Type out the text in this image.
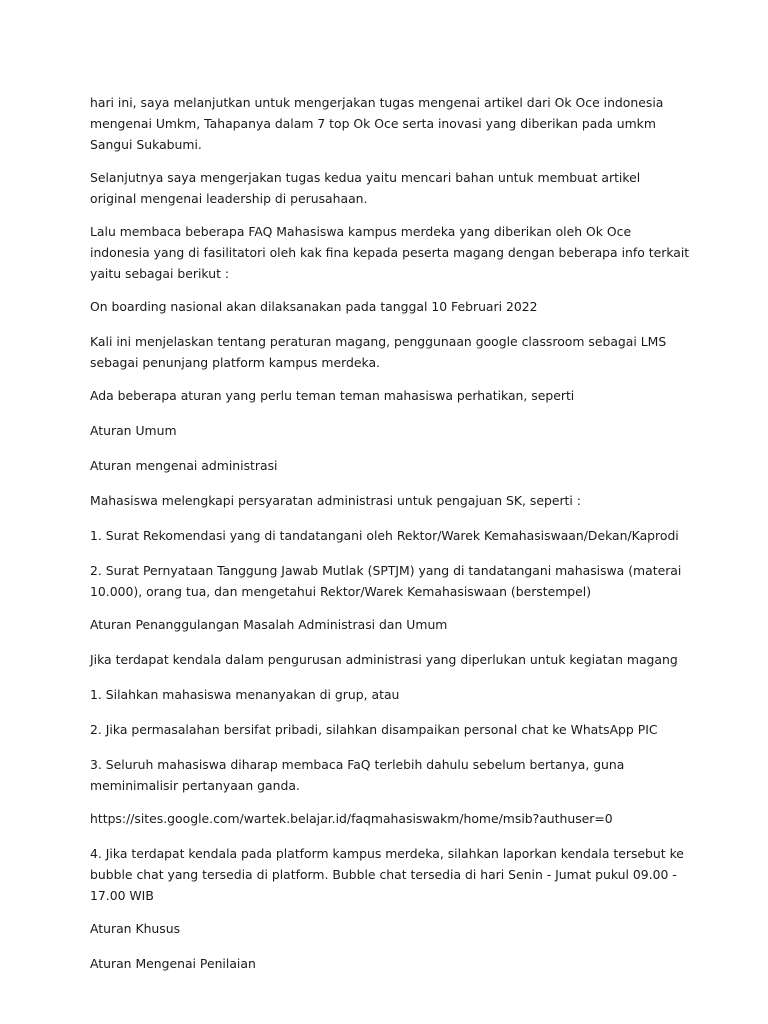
hari ini, saya melanjutkan untuk mengerjakan tugas mengenai artikel dari Ok Oce indonesia mengenai Umkm, Tahapanya dalam 7 top Ok Oce serta inovasi yang diberikan pada umkm Sangui Sukabumi.

Selanjutnya saya mengerjakan tugas kedua yaitu mencari bahan untuk membuat artikel original mengenai leadership di perusahaan.

Lalu membaca beberapa FAQ Mahasiswa kampus merdeka yang diberikan oleh Ok Oce indonesia yang di fasilitatori oleh kak fina kepada peserta magang dengan beberapa info terkait yaitu sebagai berikut :

On boarding nasional akan dilaksanakan pada tanggal 10 Februari 2022

Kali ini menjelaskan tentang peraturan magang, penggunaan google classroom sebagai LMS sebagai penunjang platform kampus merdeka.

Ada beberapa aturan yang perlu teman teman mahasiswa perhatikan, seperti

Aturan Umum

Aturan mengenai administrasi

Mahasiswa melengkapi persyaratan administrasi untuk pengajuan SK, seperti :

1. Surat Rekomendasi yang di tandatangani oleh Rektor/Warek Kemahasiswaan/Dekan/Kaprodi

2. Surat Pernyataan Tanggung Jawab Mutlak (SPTJM) yang di tandatangani mahasiswa (materai 10.000), orang tua, dan mengetahui Rektor/Warek Kemahasiswaan (berstempel)

Aturan Penanggulangan Masalah Administrasi dan Umum

Jika terdapat kendala dalam pengurusan administrasi yang diperlukan untuk kegiatan magang

1. Silahkan mahasiswa menanyakan di grup, atau

2. Jika permasalahan bersifat pribadi, silahkan disampaikan personal chat ke WhatsApp PIC

3. Seluruh mahasiswa diharap membaca FaQ terlebih dahulu sebelum bertanya, guna meminimalisir pertanyaan ganda.

https://sites.google.com/wartek.belajar.id/faqmahasiswakm/home/msib?authuser=0

4. Jika terdapat kendala pada platform kampus merdeka, silahkan laporkan kendala tersebut ke bubble chat yang tersedia di platform. Bubble chat tersedia di hari Senin - Jumat pukul 09.00 - 17.00 WIB

Aturan Khusus

Aturan Mengenai Penilaian
